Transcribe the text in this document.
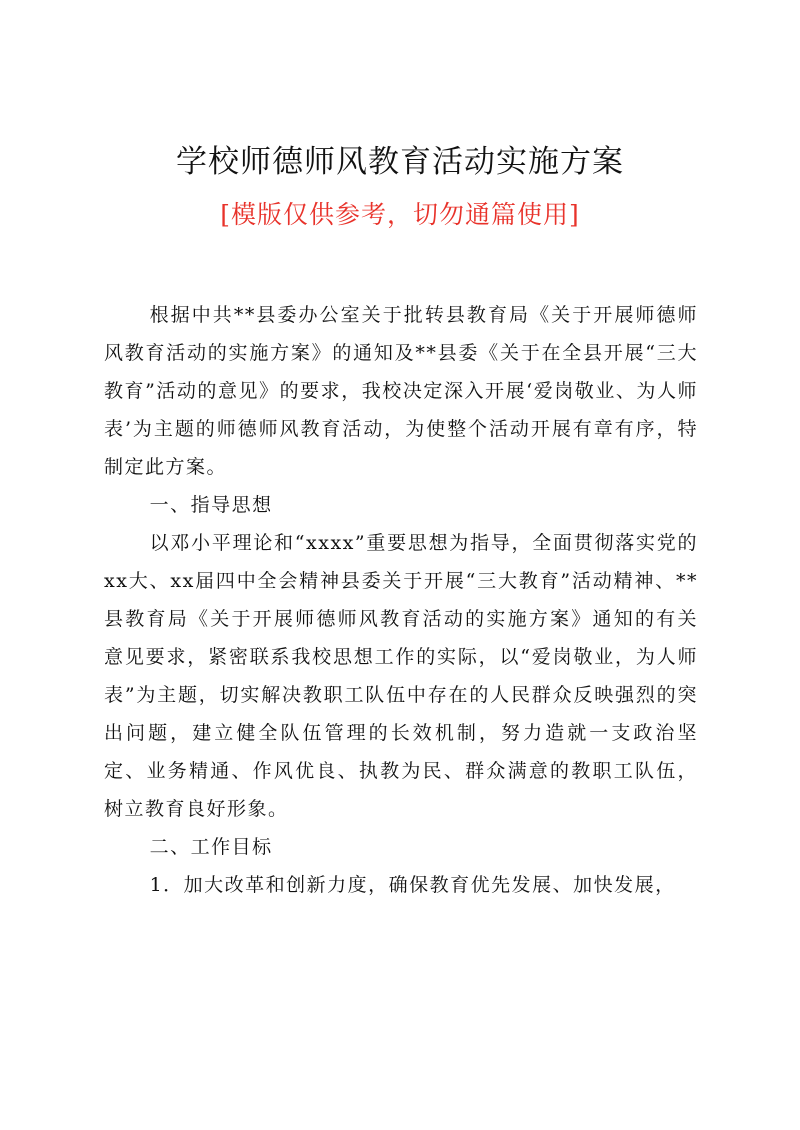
学校师德师风教育活动实施方案
[模版仅供参考，切勿通篇使用]

根据中共**县委办公室关于批转县教育局《关于开展师德师风教育活动的实施方案》的通知及**县委《关于在全县开展“三大教育”活动的意见》的要求，我校决定深入开展‘爱岗敬业、为人师表’为主题的师德师风教育活动，为使整个活动开展有章有序，特制定此方案。

一、指导思想

以邓小平理论和“xxxx”重要思想为指导，全面贯彻落实党的xx大、xx届四中全会精神县委关于开展“三大教育”活动精神、**县教育局《关于开展师德师风教育活动的实施方案》通知的有关意见要求，紧密联系我校思想工作的实际，以“爱岗敬业，为人师表”为主题，切实解决教职工队伍中存在的人民群众反映强烈的突出问题，建立健全队伍管理的长效机制，努力造就一支政治坚定、业务精通、作风优良、执教为民、群众满意的教职工队伍，树立教育良好形象。

二、工作目标

1．加大改革和创新力度，确保教育优先发展、加快发展，
